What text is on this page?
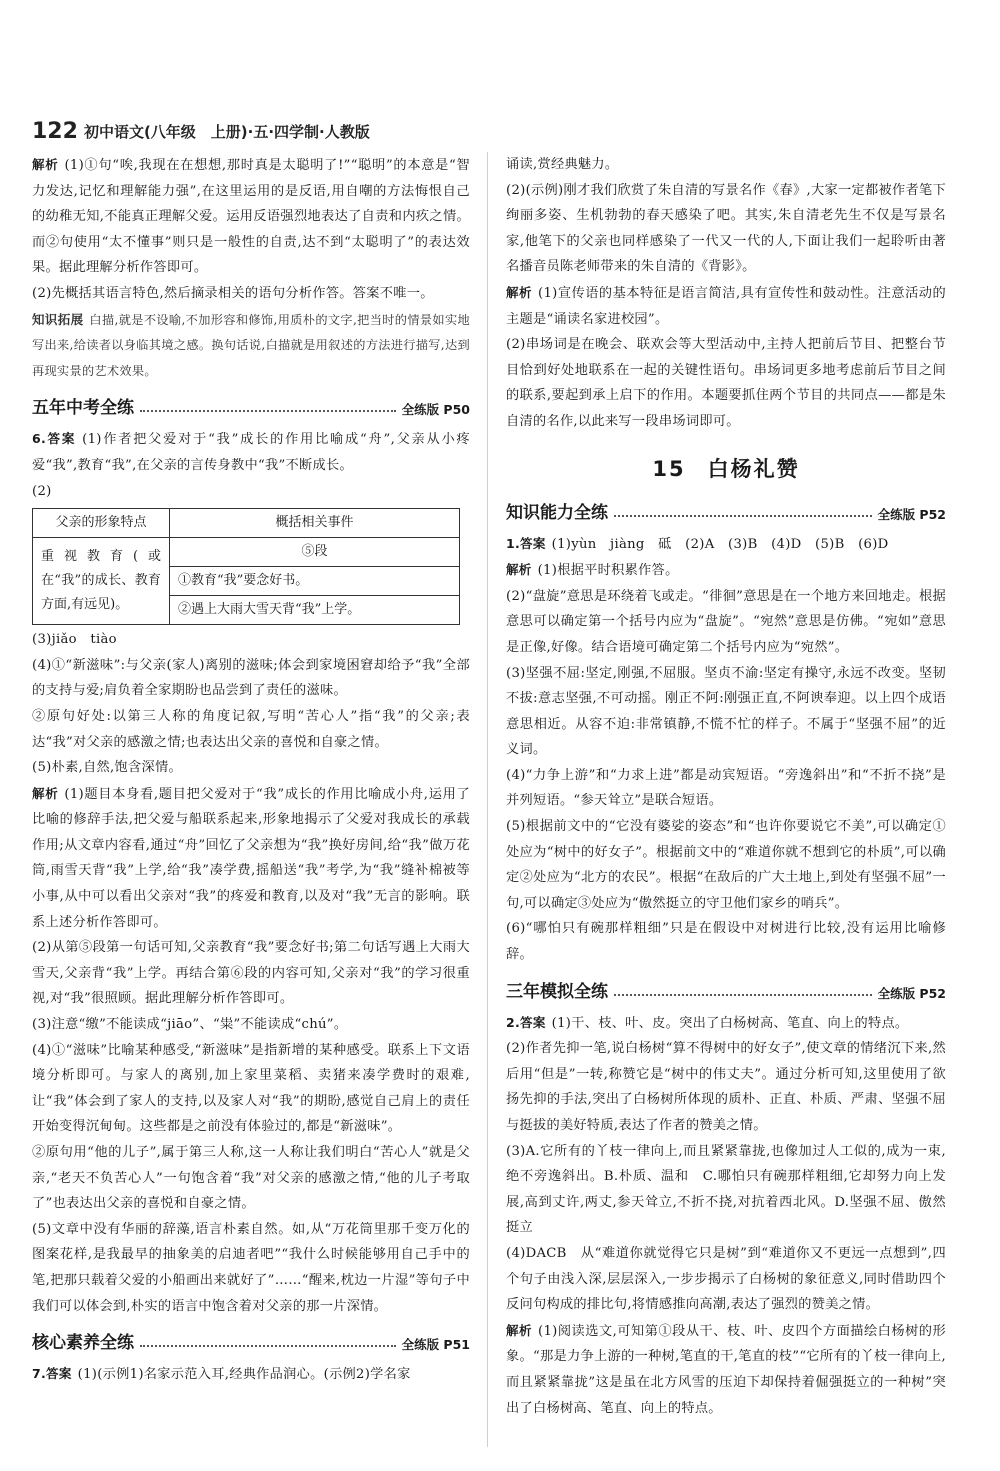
122 初中语文(八年级　上册)·五·四学制·人教版

解析 (1)①句“唉,我现在在想想,那时真是太聪明了!”“聪明”的本意是“智力发达,记忆和理解能力强”,在这里运用的是反语,用自嘲的方法悔恨自己的幼稚无知,不能真正理解父爱。运用反语强烈地表达了自责和内疚之情。而②句使用“太不懂事”则只是一般性的自责,达不到“太聪明了”的表达效果。据此理解分析作答即可。

(2)先概括其语言特色,然后摘录相关的语句分析作答。答案不唯一。

知识拓展 白描,就是不设喻,不加形容和修饰,用质朴的文字,把当时的情景如实地写出来,给读者以身临其境之感。换句话说,白描就是用叙述的方法进行描写,达到再现实景的艺术效果。

五年中考全练	全练版 P50

6.答案 (1)作者把父爱对于“我”成长的作用比喻成“舟”,父亲从小疼爱“我”,教育“我”,在父亲的言传身教中“我”不断成长。

(2)

父亲的形象特点	概括相关事件
重视教育(或在“我”的成长、教育方面,有远见)。	⑤段
	①教育“我”要念好书。
	②遇上大雨大雪天背“我”上学。

(3)jiǎo　tiào

(4)①“新滋味”:与父亲(家人)离别的滋味;体会到家境困窘却给予“我”全部的支持与爱;肩负着全家期盼也品尝到了责任的滋味。

②原句好处:以第三人称的角度记叙,写明“苦心人”指“我”的父亲;表达“我”对父亲的感激之情;也表达出父亲的喜悦和自豪之情。

(5)朴素,自然,饱含深情。

解析 (1)题目本身看,题目把父爱对于“我”成长的作用比喻成小舟,运用了比喻的修辞手法,把父爱与船联系起来,形象地揭示了父爱对我成长的承载作用;从文章内容看,通过“舟”回忆了父亲想为“我”换好房间,给“我”做万花筒,雨雪天背“我”上学,给“我”凑学费,摇船送“我”考学,为“我”缝补棉被等小事,从中可以看出父亲对“我”的疼爱和教育,以及对“我”无言的影响。联系上述分析作答即可。

(2)从第⑤段第一句话可知,父亲教育“我”要念好书;第二句话写遇上大雨大雪天,父亲背“我”上学。再结合第⑥段的内容可知,父亲对“我”的学习很重视,对“我”很照顾。据此理解分析作答即可。

(3)注意“缴”不能读成“jiāo”、“粜”不能读成“chú”。

(4)①“滋味”比喻某种感受,“新滋味”是指新增的某种感受。联系上下文语境分析即可。与家人的离别,加上家里菜稻、卖猪来凑学费时的艰难,让“我”体会到了家人的支持,以及家人对“我”的期盼,感觉自己肩上的责任开始变得沉甸甸。这些都是之前没有体验过的,都是“新滋味”。

②原句用“他的儿子”,属于第三人称,这一人称让我们明白“苦心人”就是父亲,“老天不负苦心人”一句饱含着“我”对父亲的感激之情,“他的儿子考取了”也表达出父亲的喜悦和自豪之情。

(5)文章中没有华丽的辞藻,语言朴素自然。如,从“万花筒里那千变万化的图案花样,是我最早的抽象美的启迪者吧”“我什么时候能够用自己手中的笔,把那只载着父爱的小船画出来就好了”……“醒来,枕边一片湿”等句子中我们可以体会到,朴实的语言中饱含着对父亲的那一片深情。

核心素养全练	全练版 P51

7.答案 (1)(示例1)名家示范入耳,经典作品润心。(示例2)学名家

诵读,赏经典魅力。

(2)(示例)刚才我们欣赏了朱自清的写景名作《春》,大家一定都被作者笔下绚丽多姿、生机勃勃的春天感染了吧。其实,朱自清老先生不仅是写景名家,他笔下的父亲也同样感染了一代又一代的人,下面让我们一起聆听由著名播音员陈老师带来的朱自清的《背影》。

解析 (1)宣传语的基本特征是语言简洁,具有宣传性和鼓动性。注意活动的主题是“诵读名家进校园”。

(2)串场词是在晚会、联欢会等大型活动中,主持人把前后节目、把整台节目恰到好处地联系在一起的关键性语句。串场词更多地考虑前后节目之间的联系,要起到承上启下的作用。本题要抓住两个节目的共同点——都是朱自清的名作,以此来写一段串场词即可。

15 白杨礼赞
知识能力全练	全练版 P52

1.答案 (1)yùn　jiàng　砥　(2)A　(3)B　(4)D　(5)B　(6)D

解析 (1)根据平时积累作答。

(2)“盘旋”意思是环绕着飞或走。“徘徊”意思是在一个地方来回地走。根据意思可以确定第一个括号内应为“盘旋”。“宛然”意思是仿佛。“宛如”意思是正像,好像。结合语境可确定第二个括号内应为“宛然”。

(3)坚强不屈:坚定,刚强,不屈服。坚贞不渝:坚定有操守,永远不改变。坚韧不拔:意志坚强,不可动摇。刚正不阿:刚强正直,不阿谀奉迎。以上四个成语意思相近。从容不迫:非常镇静,不慌不忙的样子。不属于“坚强不屈”的近义词。

(4)“力争上游”和“力求上进”都是动宾短语。“旁逸斜出”和“不折不挠”是并列短语。“参天耸立”是联合短语。

(5)根据前文中的“它没有婆娑的姿态”和“也许你要说它不美”,可以确定①处应为“树中的好女子”。根据前文中的“难道你就不想到它的朴质”,可以确定②处应为“北方的农民”。根据“在敌后的广大土地上,到处有坚强不屈”一句,可以确定③处应为“傲然挺立的守卫他们家乡的哨兵”。

(6)“哪怕只有碗那样粗细”只是在假设中对树进行比较,没有运用比喻修辞。

三年模拟全练	全练版 P52

2.答案 (1)干、枝、叶、皮。突出了白杨树高、笔直、向上的特点。

(2)作者先抑一笔,说白杨树“算不得树中的好女子”,使文章的情绪沉下来,然后用“但是”一转,称赞它是“树中的伟丈夫”。通过分析可知,这里使用了欲扬先抑的手法,突出了白杨树所体现的质朴、正直、朴质、严肃、坚强不屈与挺拔的美好特质,表达了作者的赞美之情。

(3)A.它所有的丫枝一律向上,而且紧紧靠拢,也像加过人工似的,成为一束,绝不旁逸斜出。B.朴质、温和　C.哪怕只有碗那样粗细,它却努力向上发展,高到丈许,两丈,参天耸立,不折不挠,对抗着西北风。D.坚强不屈、傲然挺立

(4)DACB　从“难道你就觉得它只是树”到“难道你又不更远一点想到”,四个句子由浅入深,层层深入,一步步揭示了白杨树的象征意义,同时借助四个反问句构成的排比句,将情感推向高潮,表达了强烈的赞美之情。

解析 (1)阅读选文,可知第①段从干、枝、叶、皮四个方面描绘白杨树的形象。“那是力争上游的一种树,笔直的干,笔直的枝”“它所有的丫枝一律向上,而且紧紧靠拢”这是虽在北方风雪的压迫下却保持着倔强挺立的一种树”突出了白杨树高、笔直、向上的特点。
